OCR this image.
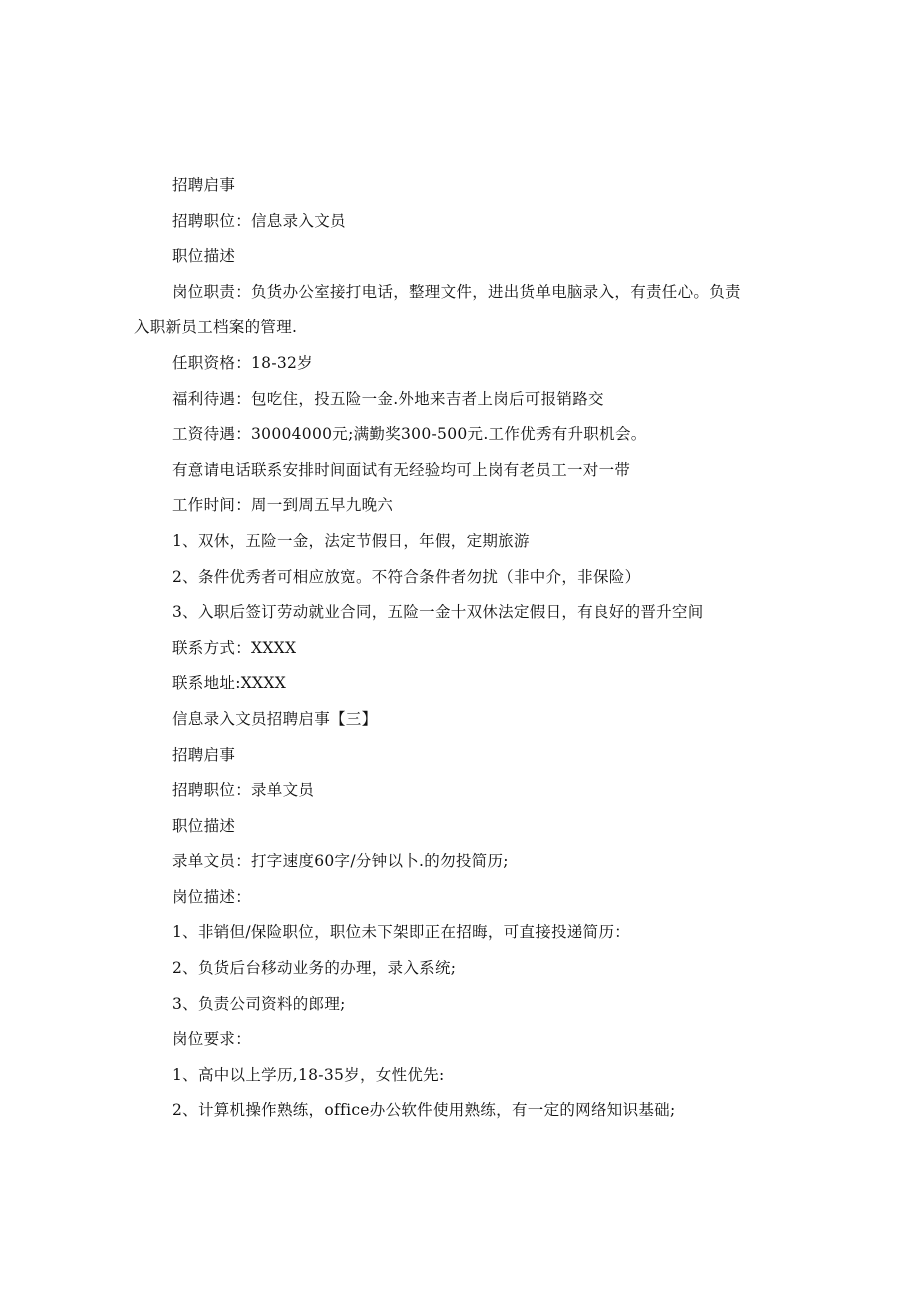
招聘启事
招聘职位：信息录入文员
职位描述
岗位职责：负货办公室接打电话，整理文件，进出货单电脑录入，有责任心。负责
入职新员工档案的管理.
任职资格：18-32岁
福利待遇：包吃住，投五险一金.外地来吉者上岗后可报销路交
工资待遇：30004000元;满勤奖300-500元.工作优秀有升职机会。
有意请电话联系安排时间面试有无经验均可上岗有老员工一对一带
工作时间：周一到周五早九晚六
1、双休，五险一金，法定节假日，年假，定期旅游
2、条件优秀者可相应放宽。不符合条件者勿扰（非中介，非保险）
3、入职后签订劳动就业合同，五险一金十双休法定假日，有良好的晋升空间
联系方式：XXXX
联系地址:XXXX
信息录入文员招聘启事【三】
招聘启事
招聘职位：录单文员
职位描述
录单文员：打字速度60字/分钟以卜.的勿投简历;
岗位描述：
1、非销但/保险职位，职位未下架即正在招晦，可直接投递简历：
2、负货后台移动业务的办理，录入系统;
3、负责公司资料的郎理;
岗位要求：
1、高中以上学历,18-35岁，女性优先:
2、计算机操作熟练，office办公软件使用熟练，有一定的网络知识基础;
